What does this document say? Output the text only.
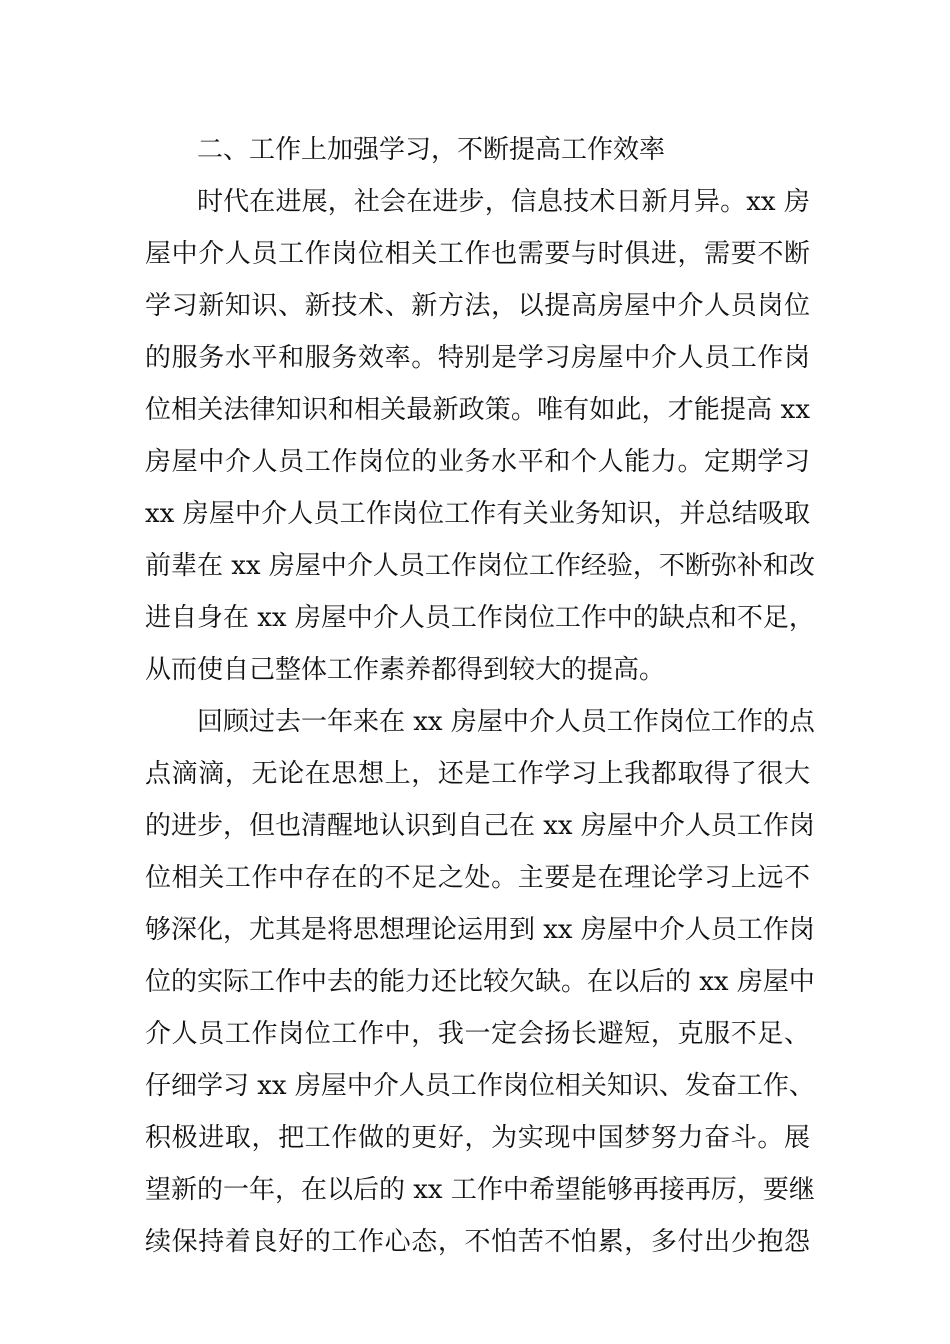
二、工作上加强学习，不断提高工作效率
时代在进展，社会在进步，信息技术日新月异。xx 房
屋中介人员工作岗位相关工作也需要与时俱进，需要不断
学习新知识、新技术、新方法，以提高房屋中介人员岗位
的服务水平和服务效率。特别是学习房屋中介人员工作岗
位相关法律知识和相关最新政策。唯有如此，才能提高 xx
房屋中介人员工作岗位的业务水平和个人能力。定期学习
xx 房屋中介人员工作岗位工作有关业务知识，并总结吸取
前辈在 xx 房屋中介人员工作岗位工作经验，不断弥补和改
进自身在 xx 房屋中介人员工作岗位工作中的缺点和不足，
从而使自己整体工作素养都得到较大的提高。
回顾过去一年来在 xx 房屋中介人员工作岗位工作的点
点滴滴，无论在思想上，还是工作学习上我都取得了很大
的进步，但也清醒地认识到自己在 xx 房屋中介人员工作岗
位相关工作中存在的不足之处。主要是在理论学习上远不
够深化，尤其是将思想理论运用到 xx 房屋中介人员工作岗
位的实际工作中去的能力还比较欠缺。在以后的 xx 房屋中
介人员工作岗位工作中，我一定会扬长避短，克服不足、
仔细学习 xx 房屋中介人员工作岗位相关知识、发奋工作、
积极进取，把工作做的更好，为实现中国梦努力奋斗。展
望新的一年，在以后的 xx 工作中希望能够再接再厉，要继
续保持着良好的工作心态，不怕苦不怕累，多付出少抱怨
